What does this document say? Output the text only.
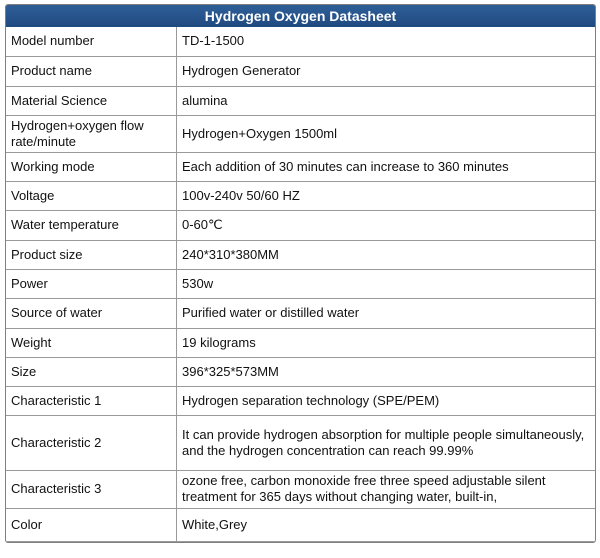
Hydrogen Oxygen Datasheet
Model number	TD-1-1500
Product name	Hydrogen Generator
Material Science	alumina
Hydrogen+oxygen flow rate/minute	Hydrogen+Oxygen 1500ml
Working mode	Each addition of 30 minutes can increase to 360 minutes
Voltage	100v-240v 50/60 HZ
Water temperature	0-60℃
Product size	240*310*380MM
Power	530w
Source of water	Purified water or distilled water
Weight	19 kilograms
Size	396*325*573MM
Characteristic 1	Hydrogen separation technology (SPE/PEM)
Characteristic 2	It can provide hydrogen absorption for multiple people simultaneously, and the hydrogen concentration can reach 99.99%
Characteristic 3	ozone free, carbon monoxide free three speed adjustable silent treatment for 365 days without changing water, built-in,
Color	White,Grey
